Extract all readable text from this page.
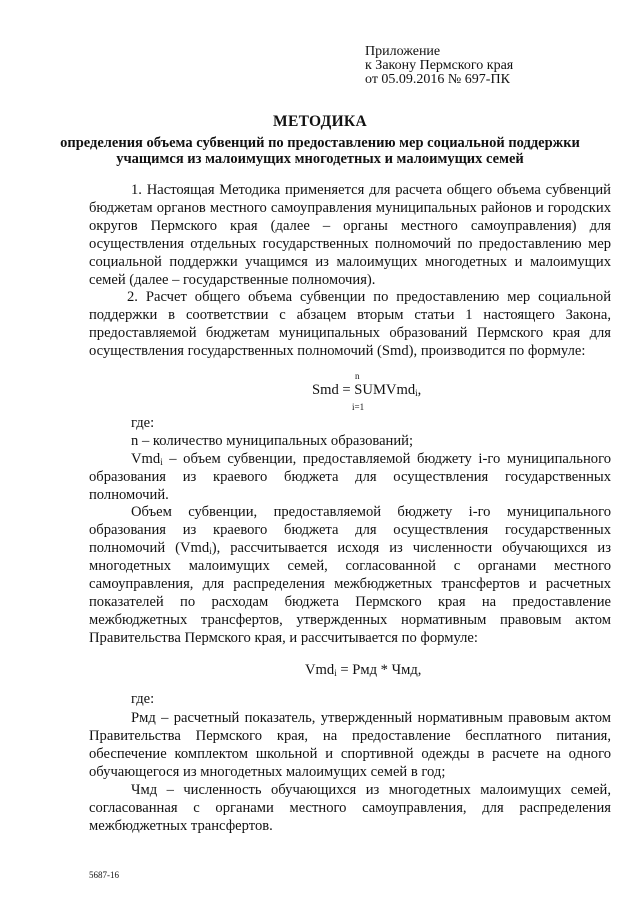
Приложение
к Закону Пермского края
от 05.09.2016 № 697-ПК
МЕТОДИКА
определения объема субвенций по предоставлению мер социальной поддержки учащимся из малоимущих многодетных и малоимущих семей
1. Настоящая Методика применяется для расчета общего объема субвенций бюджетам органов местного самоуправления муниципальных районов и городских округов Пермского края (далее – органы местного самоуправления) для осуществления отдельных государственных полномочий по предоставлению мер социальной поддержки учащимся из малоимущих многодетных и малоимущих семей (далее – государственные полномочия).
2. Расчет общего объема субвенции по предоставлению мер социальной поддержки в соответствии с абзацем вторым статьи 1 настоящего Закона, предоставляемой бюджетам муниципальных образований Пермского края для осуществления государственных полномочий (Smd), производится по формуле:
n
Smd = SUMVmd$_i$,
i=1
где:
n – количество муниципальных образований;
Vmd$_i$ – объем субвенции, предоставляемой бюджету i-го муниципального образования из краевого бюджета для осуществления государственных полномочий.
Объем субвенции, предоставляемой бюджету i-го муниципального образования из краевого бюджета для осуществления государственных полномочий (Vmd$_i$), рассчитывается исходя из численности обучающихся из многодетных малоимущих семей, согласованной с органами местного самоуправления, для распределения межбюджетных трансфертов и расчетных показателей по расходам бюджета Пермского края на предоставление межбюджетных трансфертов, утвержденных нормативным правовым актом Правительства Пермского края, и рассчитывается по формуле:
Vmd$_i$ = Рмд * Чмд,
где:
Рмд – расчетный показатель, утвержденный нормативным правовым актом Правительства Пермского края, на предоставление бесплатного питания, обеспечение комплектом школьной и спортивной одежды в расчете на одного обучающегося из многодетных малоимущих семей в год;
Чмд – численность обучающихся из многодетных малоимущих семей, согласованная с органами местного самоуправления, для распределения межбюджетных трансфертов.
5687-16
